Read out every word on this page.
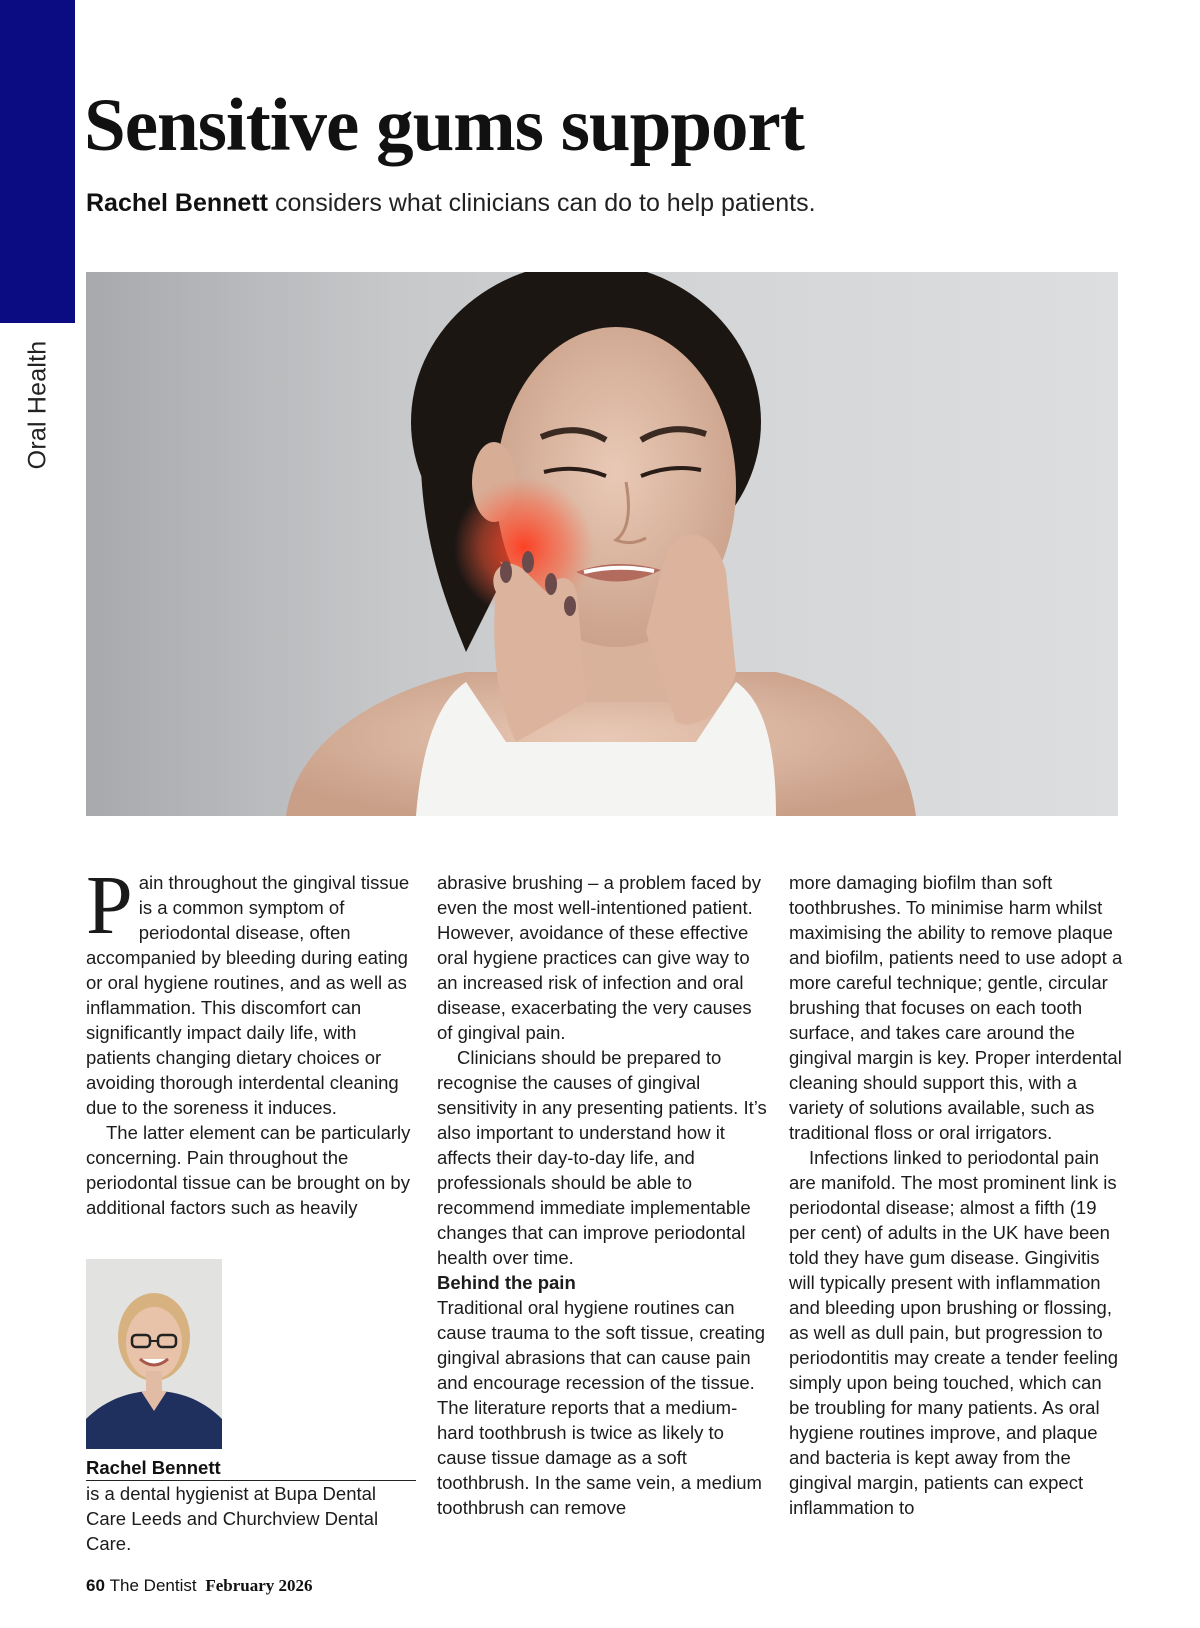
Oral Health
Sensitive gums support
Rachel Bennett considers what clinicians can do to help patients.

Pain throughout the gingival tissue is a common symptom of periodontal disease, often accompanied by bleeding during eating or oral hygiene routines, and as well as inflammation. This discomfort can significantly impact daily life, with patients changing dietary choices or avoiding thorough interdental cleaning due to the soreness it induces.

The latter element can be particularly concerning. Pain throughout the periodontal tissue can be brought on by additional factors such as heavily

abrasive brushing – a problem faced by even the most well-intentioned patient. However, avoidance of these effective oral hygiene practices can give way to an increased risk of infection and oral disease, exacerbating the very causes of gingival pain.

Clinicians should be prepared to recognise the causes of gingival sensitivity in any presenting patients. It’s also important to understand how it affects their day-to-day life, and professionals should be able to recommend immediate implementable changes that can improve periodontal health over time.

Behind the pain

Traditional oral hygiene routines can cause trauma to the soft tissue, creating gingival abrasions that can cause pain and encourage recession of the tissue. The literature reports that a medium-hard toothbrush is twice as likely to cause tissue damage as a soft toothbrush. In the same vein, a medium toothbrush can remove

more damaging biofilm than soft toothbrushes. To minimise harm whilst maximising the ability to remove plaque and biofilm, patients need to use adopt a more careful technique; gentle, circular brushing that focuses on each tooth surface, and takes care around the gingival margin is key. Proper interdental cleaning should support this, with a variety of solutions available, such as traditional floss or oral irrigators.

Infections linked to periodontal pain are manifold. The most prominent link is periodontal disease; almost a fifth (19 per cent) of adults in the UK have been told they have gum disease. Gingivitis will typically present with inflammation and bleeding upon brushing or flossing, as well as dull pain, but progression to periodontitis may create a tender feeling simply upon being touched, which can be troubling for many patients. As oral hygiene routines improve, and plaque and bacteria is kept away from the gingival margin, patients can expect inflammation to

Rachel Bennett
is a dental hygienist at Bupa Dental Care Leeds and Churchview Dental Care.
60 The Dentist February 2026
